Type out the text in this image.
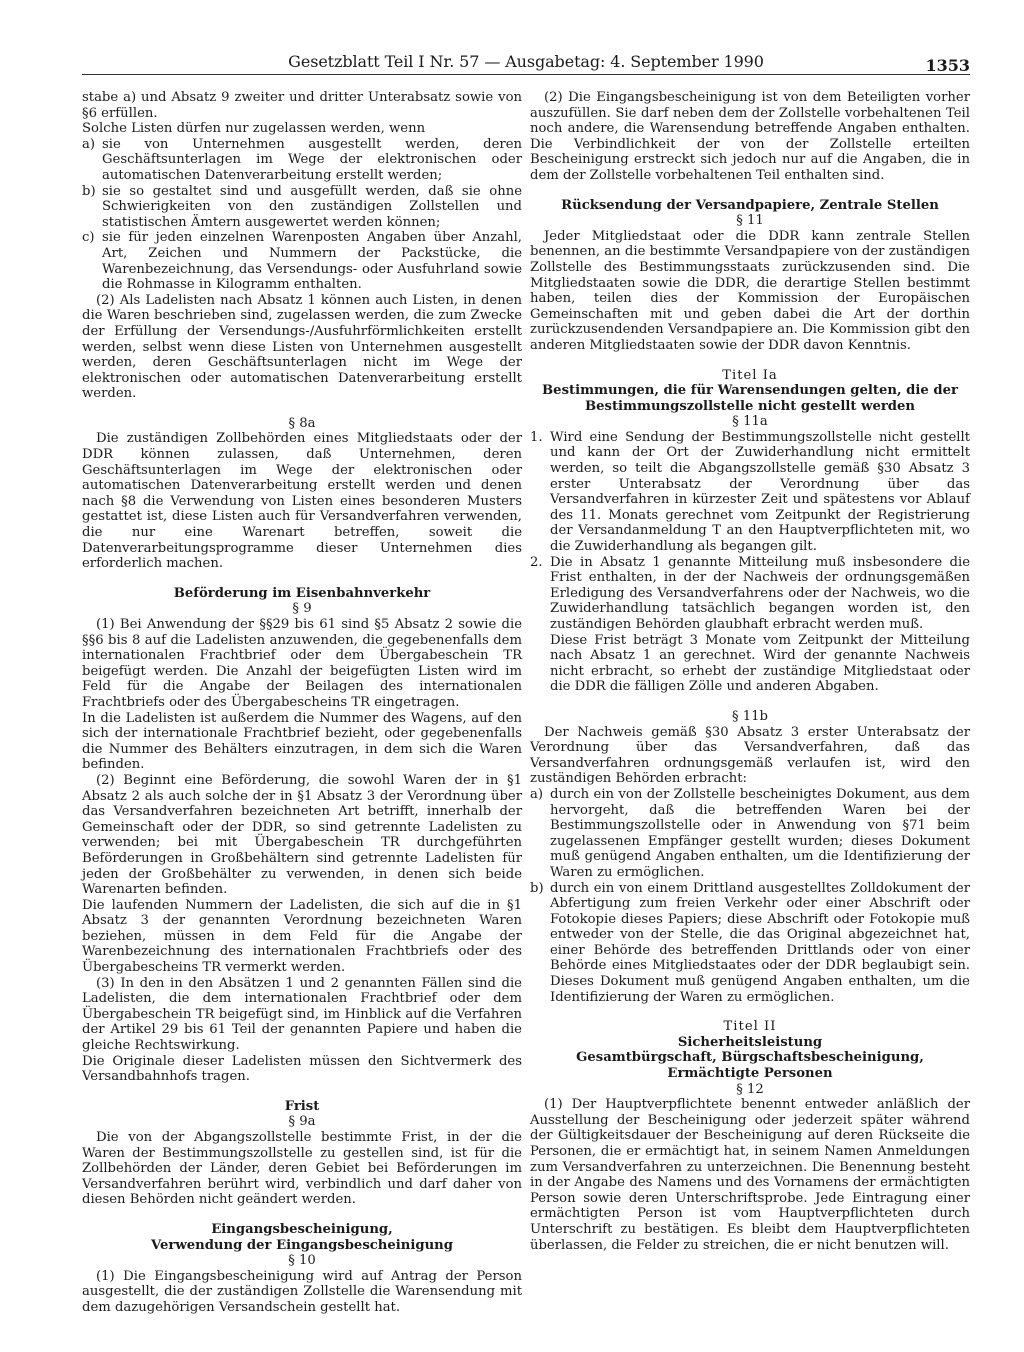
Gesetzblatt Teil I Nr. 57 — Ausgabetag: 4. September 1990	1353

stabe a) und Absatz 9 zweiter und dritter Unterabsatz sowie von §6 erfüllen.

Solche Listen dürfen nur zugelassen werden, wenn

a) sie von Unternehmen ausgestellt werden, deren Geschäftsunterlagen im Wege der elektronischen oder automatischen Datenverarbeitung erstellt werden;
b) sie so gestaltet sind und ausgefüllt werden, daß sie ohne Schwierigkeiten von den zuständigen Zollstellen und statistischen Ämtern ausgewertet werden können;
c) sie für jeden einzelnen Warenposten Angaben über Anzahl, Art, Zeichen und Nummern der Packstücke, die Warenbezeichnung, das Versendungs- oder Ausfuhrland sowie die Rohmasse in Kilogramm enthalten.

(2) Als Ladelisten nach Absatz 1 können auch Listen, in denen die Waren beschrieben sind, zugelassen werden, die zum Zwecke der Erfüllung der Versendungs-/Ausfuhrförmlichkeiten erstellt werden, selbst wenn diese Listen von Unternehmen ausgestellt werden, deren Geschäftsunterlagen nicht im Wege der elektronischen oder automatischen Datenverarbeitung erstellt werden.

§ 8a

Die zuständigen Zollbehörden eines Mitgliedstaats oder der DDR können zulassen, daß Unternehmen, deren Geschäftsunterlagen im Wege der elektronischen oder automatischen Datenverarbeitung erstellt werden und denen nach §8 die Verwendung von Listen eines besonderen Musters gestattet ist, diese Listen auch für Versandverfahren verwenden, die nur eine Warenart betreffen, soweit die Datenverarbeitungsprogramme dieser Unternehmen dies erforderlich machen.

Beförderung im Eisenbahnverkehr

§ 9

(1) Bei Anwendung der §§29 bis 61 sind §5 Absatz 2 sowie die §§6 bis 8 auf die Ladelisten anzuwenden, die gegebenenfalls dem internationalen Frachtbrief oder dem Übergabeschein TR beigefügt werden. Die Anzahl der beigefügten Listen wird im Feld für die Angabe der Beilagen des internationalen Frachtbriefs oder des Übergabescheins TR eingetragen.

In die Ladelisten ist außerdem die Nummer des Wagens, auf den sich der internationale Frachtbrief bezieht, oder gegebenenfalls die Nummer des Behälters einzutragen, in dem sich die Waren befinden.

(2) Beginnt eine Beförderung, die sowohl Waren der in §1 Absatz 2 als auch solche der in §1 Absatz 3 der Verordnung über das Versandverfahren bezeichneten Art betrifft, innerhalb der Gemeinschaft oder der DDR, so sind getrennte Ladelisten zu verwenden; bei mit Übergabeschein TR durchgeführten Beförderungen in Großbehältern sind getrennte Ladelisten für jeden der Großbehälter zu verwenden, in denen sich beide Warenarten befinden.

Die laufenden Nummern der Ladelisten, die sich auf die in §1 Absatz 3 der genannten Verordnung bezeichneten Waren beziehen, müssen in dem Feld für die Angabe der Warenbezeichnung des internationalen Frachtbriefs oder des Übergabescheins TR vermerkt werden.

(3) In den in den Absätzen 1 und 2 genannten Fällen sind die Ladelisten, die dem internationalen Frachtbrief oder dem Übergabeschein TR beigefügt sind, im Hinblick auf die Verfahren der Artikel 29 bis 61 Teil der genannten Papiere und haben die gleiche Rechtswirkung.

Die Originale dieser Ladelisten müssen den Sichtvermerk des Versandbahnhofs tragen.

Frist

§ 9a

Die von der Abgangszollstelle bestimmte Frist, in der die Waren der Bestimmungszollstelle zu gestellen sind, ist für die Zollbehörden der Länder, deren Gebiet bei Beförderungen im Versandverfahren berührt wird, verbindlich und darf daher von diesen Behörden nicht geändert werden.

Eingangsbescheinigung,

Verwendung der Eingangsbescheinigung

§ 10

(1) Die Eingangsbescheinigung wird auf Antrag der Person ausgestellt, die der zuständigen Zollstelle die Warensendung mit dem dazugehörigen Versandschein gestellt hat.

(2) Die Eingangsbescheinigung ist von dem Beteiligten vorher auszufüllen. Sie darf neben dem der Zollstelle vorbehaltenen Teil noch andere, die Warensendung betreffende Angaben enthalten. Die Verbindlichkeit der von der Zollstelle erteilten Bescheinigung erstreckt sich jedoch nur auf die Angaben, die in dem der Zollstelle vorbehaltenen Teil enthalten sind.

Rücksendung der Versandpapiere, Zentrale Stellen

§ 11

Jeder Mitgliedstaat oder die DDR kann zentrale Stellen benennen, an die bestimmte Versandpapiere von der zuständigen Zollstelle des Bestimmungsstaats zurückzusenden sind. Die Mitgliedstaaten sowie die DDR, die derartige Stellen bestimmt haben, teilen dies der Kommission der Europäischen Gemeinschaften mit und geben dabei die Art der dorthin zurückzusendenden Versandpapiere an. Die Kommission gibt den anderen Mitgliedstaaten sowie der DDR davon Kenntnis.

Titel Ia

Bestimmungen, die für Warensendungen gelten, die der

Bestimmungszollstelle nicht gestellt werden

§ 11a

1. Wird eine Sendung der Bestimmungszollstelle nicht gestellt und kann der Ort der Zuwiderhandlung nicht ermittelt werden, so teilt die Abgangszollstelle gemäß §30 Absatz 3 erster Unterabsatz der Verordnung über das Versandverfahren in kürzester Zeit und spätestens vor Ablauf des 11. Monats gerechnet vom Zeitpunkt der Registrierung der Versandanmeldung T an den Hauptverpflichteten mit, wo die Zuwiderhandlung als begangen gilt.
2. Die in Absatz 1 genannte Mitteilung muß insbesondere die Frist enthalten, in der der Nachweis der ordnungsgemäßen Erledigung des Versandverfahrens oder der Nachweis, wo die Zuwiderhandlung tatsächlich begangen worden ist, den zuständigen Behörden glaubhaft erbracht werden muß.
Diese Frist beträgt 3 Monate vom Zeitpunkt der Mitteilung nach Absatz 1 an gerechnet. Wird der genannte Nachweis nicht erbracht, so erhebt der zuständige Mitgliedstaat oder die DDR die fälligen Zölle und anderen Abgaben.

§ 11b

Der Nachweis gemäß §30 Absatz 3 erster Unterabsatz der Verordnung über das Versandverfahren, daß das Versandverfahren ordnungsgemäß verlaufen ist, wird den zuständigen Behörden erbracht:

a) durch ein von der Zollstelle bescheinigtes Dokument, aus dem hervorgeht, daß die betreffenden Waren bei der Bestimmungszollstelle oder in Anwendung von §71 beim zugelassenen Empfänger gestellt wurden; dieses Dokument muß genügend Angaben enthalten, um die Identifizierung der Waren zu ermöglichen.
b) durch ein von einem Drittland ausgestelltes Zolldokument der Abfertigung zum freien Verkehr oder einer Abschrift oder Fotokopie dieses Papiers; diese Abschrift oder Fotokopie muß entweder von der Stelle, die das Original abgezeichnet hat, einer Behörde des betreffenden Drittlands oder von einer Behörde eines Mitgliedstaates oder der DDR beglaubigt sein. Dieses Dokument muß genügend Angaben enthalten, um die Identifizierung der Waren zu ermöglichen.

Titel II

Sicherheitsleistung

Gesamtbürgschaft, Bürgschaftsbescheinigung,

Ermächtigte Personen

§ 12

(1) Der Hauptverpflichtete benennt entweder anläßlich der Ausstellung der Bescheinigung oder jederzeit später während der Gültigkeitsdauer der Bescheinigung auf deren Rückseite die Personen, die er ermächtigt hat, in seinem Namen Anmeldungen zum Versandverfahren zu unterzeichnen. Die Benennung besteht in der Angabe des Namens und des Vornamens der ermächtigten Person sowie deren Unterschriftsprobe. Jede Eintragung einer ermächtigten Person ist vom Hauptverpflichteten durch Unterschrift zu bestätigen. Es bleibt dem Hauptverpflichteten überlassen, die Felder zu streichen, die er nicht benutzen will.
